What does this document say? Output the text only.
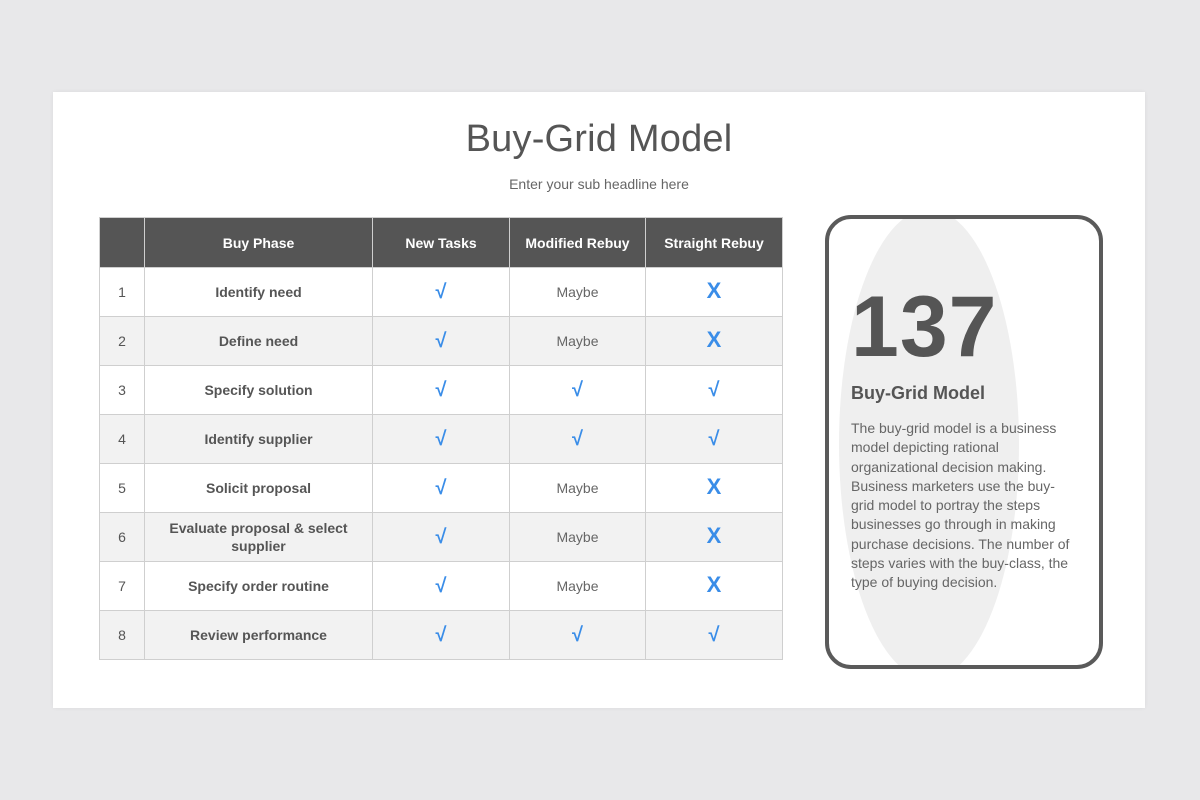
Buy-Grid Model
Enter your sub headline here
	Buy Phase	New Tasks	Modified Rebuy	Straight Rebuy
1	Identify need	√	Maybe	X
2	Define need	√	Maybe	X
3	Specify solution	√	√	√
4	Identify supplier	√	√	√
5	Solicit proposal	√	Maybe	X
6	Evaluate proposal & select supplier	√	Maybe	X
7	Specify order routine	√	Maybe	X
8	Review performance	√	√	√
137
Buy-Grid Model
The buy-grid model is a business model depicting rational organizational decision making. Business marketers use the buy-grid model to portray the steps businesses go through in making purchase decisions. The number of steps varies with the buy-class, the type of buying decision.
